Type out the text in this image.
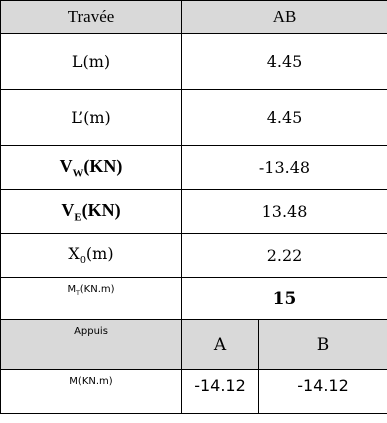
Travée	AB	
L(m)	4.45	
L’(m)	4.45	
$V_W(KN)$	-13.48	
$V_E(KN)$	13.48	
$X_0(m)$	2.22	
$M_T(KN.m)$	15	
Appuis	A	B
M(KN.m)	-14.12	-14.12
